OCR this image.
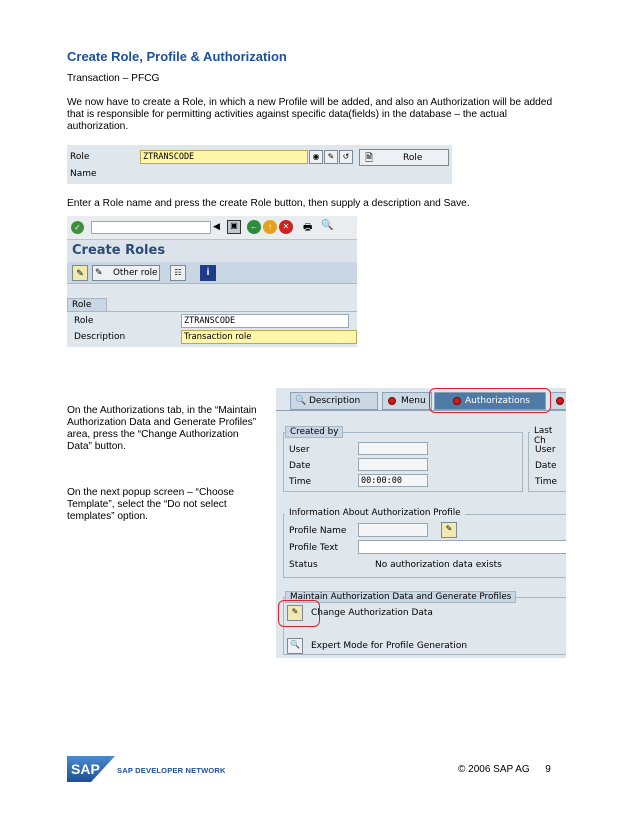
Create Role, Profile & Authorization
Transaction – PFCG
We now have to create a Role, in which a new Profile will be added, and also an Authorization will be added
that is responsible for permitting activities against specific data(fields) in the database – the actual
authorization.
Role	ZTRANSCODE	◉	✎	↺	🗎	Role
Name
Enter a Role name and press the create Role button, then supply a description and Save.
✓	◀	▣	←	↑	✕	🖶 🔍
Create Roles
✎	✎ Other role	☷	i
Role
Role	ZTRANSCODE
Description	Transaction role
On the Authorizations tab, in the “Maintain
Authorization Data and Generate Profiles”
area, press the “Change Authorization
Data” button.
On the next popup screen – “Choose
Template”, select the “Do not select
templates” option.
🔍 Description	Menu	Authorizations
Created by
User
Date
Time	00:00:00
Last Ch
User
Date
Time
Information About Authorization Profile
Profile Name	✎
Profile Text
Status	No authorization data exists
Maintain Authorization Data and Generate Profiles
✎	Change Authorization Data
🔍	Expert Mode for Profile Generation
SAP SAP DEVELOPER NETWORK	© 2006 SAP AG 9
